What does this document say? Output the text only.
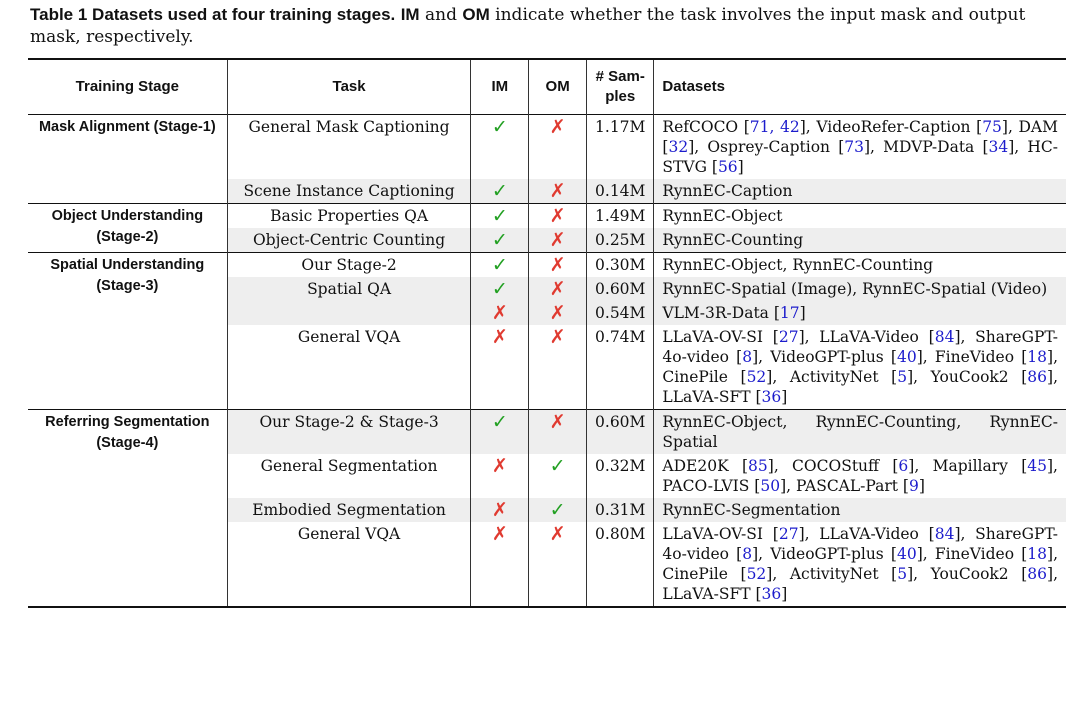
Table 1 Datasets used at four training stages. IM and OM indicate whether the task involves the input mask and output mask, respectively.
Training Stage	Task	IM	OM	# Sam- ples	Datasets
Mask Alignment (Stage-1)	General Mask Captioning	✓	✗	1.17M	RefCOCO [71, 42], VideoRefer-Caption [75], DAM [32], Osprey-Caption [73], MDVP-Data [34], HC-STVG [56]
	Scene Instance Captioning	✓	✗	0.14M	RynnEC-Caption
Object Understanding (Stage-2)	Basic Properties QA	✓	✗	1.49M	RynnEC-Object
	Object-Centric Counting	✓	✗	0.25M	RynnEC-Counting
Spatial Understanding (Stage-3)	Our Stage-2	✓	✗	0.30M	RynnEC-Object, RynnEC-Counting
	Spatial QA	✓	✗	0.60M	RynnEC-Spatial (Image), RynnEC-Spatial (Video)
		✗	✗	0.54M	VLM-3R-Data [17]
	General VQA	✗	✗	0.74M	LLaVA-OV-SI [27], LLaVA-Video [84], ShareGPT-4o-video [8], VideoGPT-plus [40], FineVideo [18], CinePile [52], ActivityNet [5], YouCook2 [86], LLaVA-SFT [36]
Referring Segmentation (Stage-4)	Our Stage-2 & Stage-3	✓	✗	0.60M	RynnEC-Object, RynnEC-Counting, RynnEC-Spatial
	General Segmentation	✗	✓	0.32M	ADE20K [85], COCOStuff [6], Mapillary [45], PACO-LVIS [50], PASCAL-Part [9]
	Embodied Segmentation	✗	✓	0.31M	RynnEC-Segmentation
	General VQA	✗	✗	0.80M	LLaVA-OV-SI [27], LLaVA-Video [84], ShareGPT-4o-video [8], VideoGPT-plus [40], FineVideo [18], CinePile [52], ActivityNet [5], YouCook2 [86], LLaVA-SFT [36]
